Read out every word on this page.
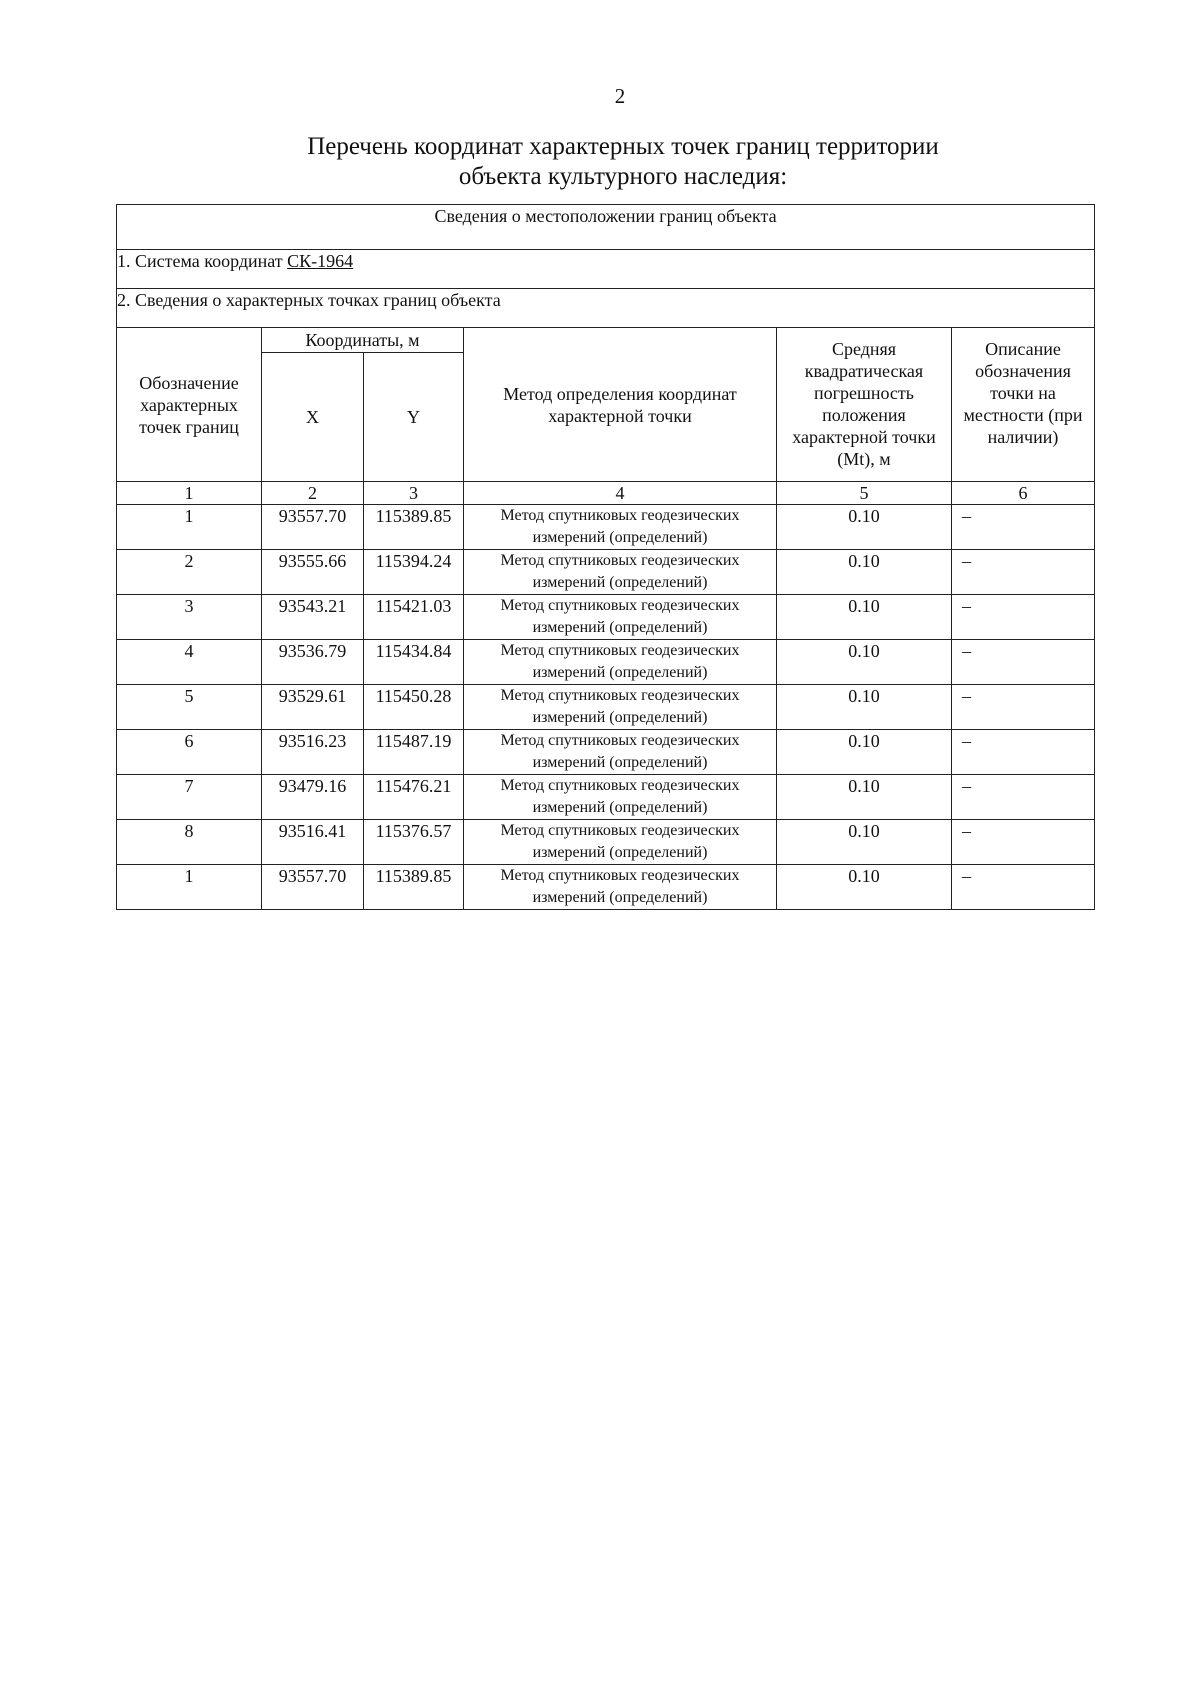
2
Перечень координат характерных точек границ территории
объекта культурного наследия:
Сведения о местоположении границ объекта					
1. Система координат СК-1964					
2. Сведения о характерных точках границ объекта					
Обозначение характерных точек границ	Координаты, м		Метод определения координат характерной точки	Средняя квадратическая погрешность положения характерной точки (Мt), м	Описание обозначения точки на местности (при наличии)
	X	Y			
1	2	3	4	5	6
1	93557.70	115389.85	Метод спутниковых геодезических измерений (определений)	0.10	–
2	93555.66	115394.24	Метод спутниковых геодезических измерений (определений)	0.10	–
3	93543.21	115421.03	Метод спутниковых геодезических измерений (определений)	0.10	–
4	93536.79	115434.84	Метод спутниковых геодезических измерений (определений)	0.10	–
5	93529.61	115450.28	Метод спутниковых геодезических измерений (определений)	0.10	–
6	93516.23	115487.19	Метод спутниковых геодезических измерений (определений)	0.10	–
7	93479.16	115476.21	Метод спутниковых геодезических измерений (определений)	0.10	–
8	93516.41	115376.57	Метод спутниковых геодезических измерений (определений)	0.10	–
1	93557.70	115389.85	Метод спутниковых геодезических измерений (определений)	0.10	–
